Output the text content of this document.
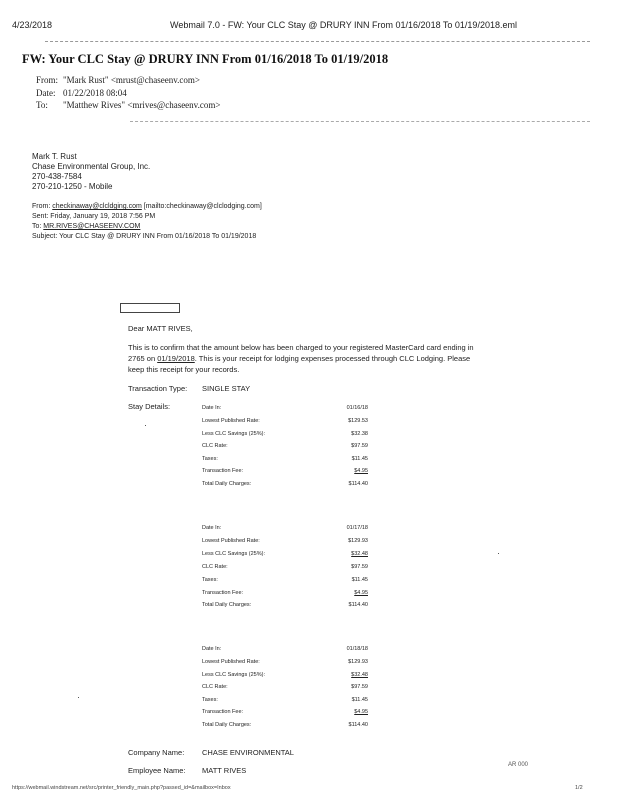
4/23/2018	Webmail 7.0 - FW: Your CLC Stay @ DRURY INN From 01/16/2018 To 01/19/2018.eml
FW: Your CLC Stay @ DRURY INN From 01/16/2018 To 01/19/2018
From: "Mark Rust" <mrust@chaseenv.com>
Date: 01/22/2018 08:04
To: "Matthew Rives" <mrives@chaseenv.com>
Mark T. Rust
Chase Environmental Group, Inc.
270-438-7584
270-210-1250 - Mobile
From: checkinaway@clcldging.com [mailto:checkinaway@clclodging.com]
Sent: Friday, January 19, 2018 7:56 PM
To: MR.RIVES@CHASEENV.COM
Subject: Your CLC Stay @ DRURY INN From 01/16/2018 To 01/19/2018
Dear MATT RIVES,
This is to confirm that the amount below has been charged to your registered MasterCard card ending in
2765 on 01/19/2018. This is your receipt for lodging expenses processed through CLC Lodging. Please
keep this receipt for your records.
Transaction Type: SINGLE STAY
Stay Details:	Date In:	01/16/18
Lowest Published Rate:	$129.53
Less CLC Savings (25%):	$32.38
CLC Rate:	$97.59
Taxes:	$11.45
Transaction Fee:	$4.95
Total Daily Charges:	$114.40
Date In:	01/17/18
Lowest Published Rate:	$129.93
Less CLC Savings (25%):	$32.48
CLC Rate:	$97.59
Taxes:	$11.45
Transaction Fee:	$4.95
Total Daily Charges:	$114.40
Date In:	01/18/18
Lowest Published Rate:	$129.93
Less CLC Savings (25%):	$32.48
CLC Rate:	$97.59
Taxes:	$11.45
Transaction Fee:	$4.95
Total Daily Charges:	$114.40
Company Name: CHASE ENVIRONMENTAL
Employee Name: MATT RIVES
AR 000
https://webmail.windstream.net/src/printer_friendly_main.php?passed_id=&mailbox=Inbox	1/2
